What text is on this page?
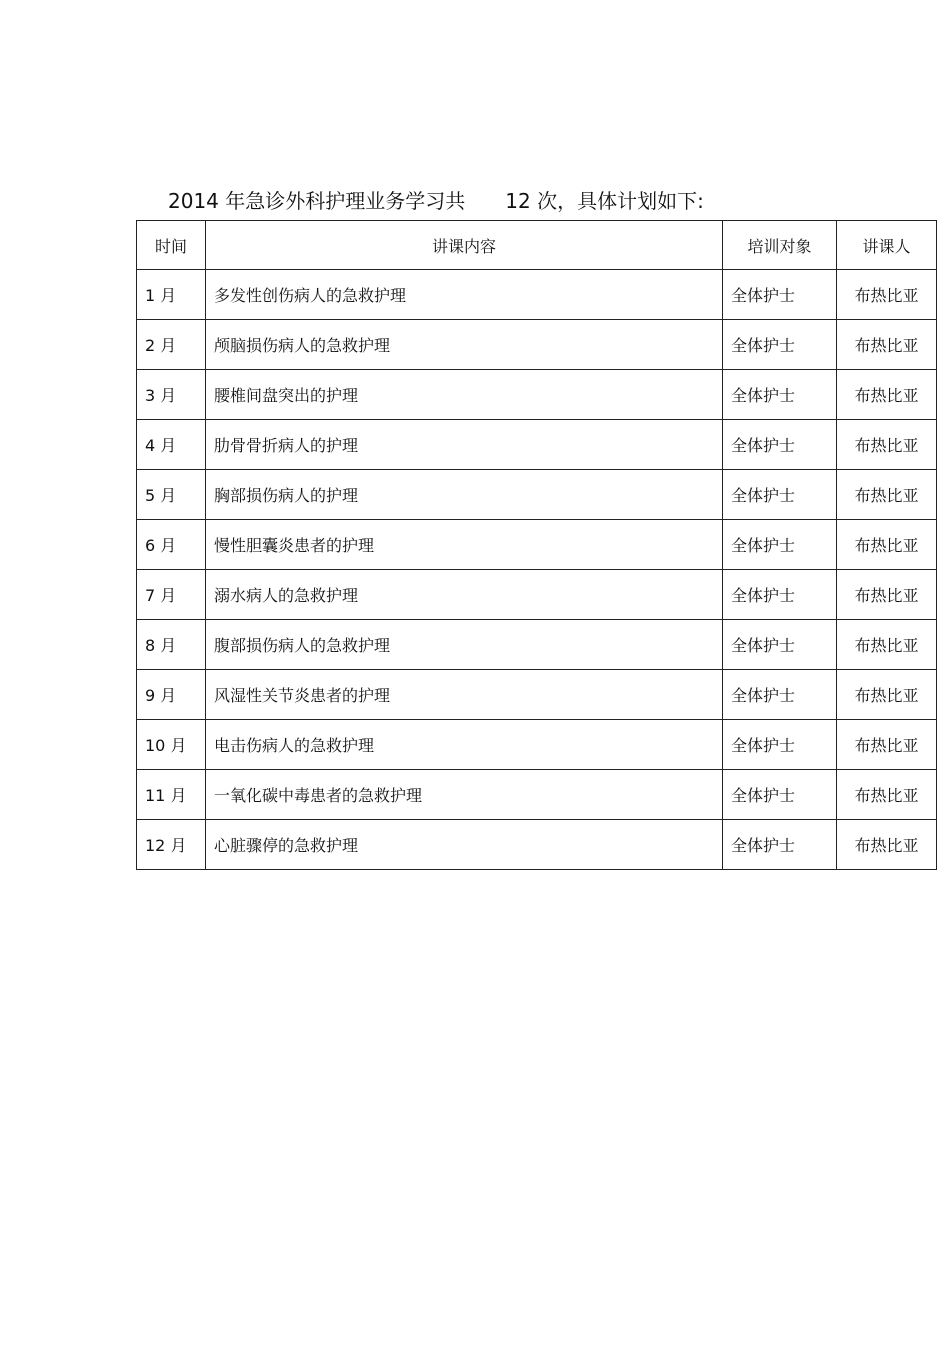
2014 年急诊外科护理业务学习共 12 次，具体计划如下:
时间	讲课内容	培训对象	讲课人
1 月	多发性创伤病人的急救护理	全体护士	布热比亚
2 月	颅脑损伤病人的急救护理	全体护士	布热比亚
3 月	腰椎间盘突出的护理	全体护士	布热比亚
4 月	肋骨骨折病人的护理	全体护士	布热比亚
5 月	胸部损伤病人的护理	全体护士	布热比亚
6 月	慢性胆囊炎患者的护理	全体护士	布热比亚
7 月	溺水病人的急救护理	全体护士	布热比亚
8 月	腹部损伤病人的急救护理	全体护士	布热比亚
9 月	风湿性关节炎患者的护理	全体护士	布热比亚
10 月	电击伤病人的急救护理	全体护士	布热比亚
11 月	一氧化碳中毒患者的急救护理	全体护士	布热比亚
12 月	心脏骤停的急救护理	全体护士	布热比亚
